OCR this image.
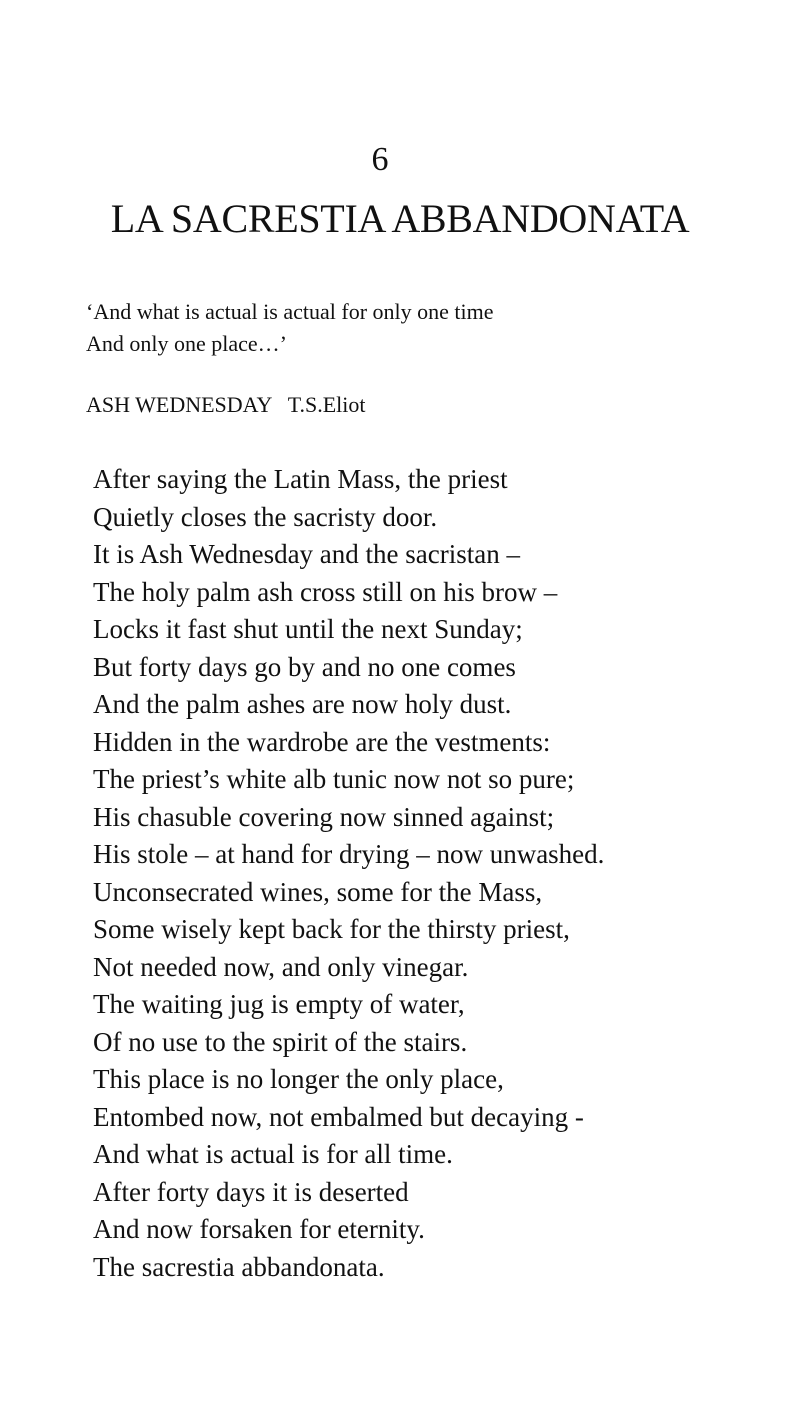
6
LA SACRESTIA ABBANDONATA
‘And what is actual is actual for only one time
And only one place…’
ASH WEDNESDAY   T.S.Eliot
After saying the Latin Mass, the priest
Quietly closes the sacristy door.
It is Ash Wednesday and the sacristan –
The holy palm ash cross still on his brow –
Locks it fast shut until the next Sunday;
But forty days go by and no one comes
And the palm ashes are now holy dust.
Hidden in the wardrobe are the vestments:
The priest’s white alb tunic now not so pure;
His chasuble covering now sinned against;
His stole – at hand for drying – now unwashed.
Unconsecrated wines, some for the Mass,
Some wisely kept back for the thirsty priest,
Not needed now, and only vinegar.
The waiting jug is empty of water,
Of no use to the spirit of the stairs.
This place is no longer the only place,
Entombed now, not embalmed but decaying -
And what is actual is for all time.
After forty days it is deserted
And now forsaken for eternity.
The sacrestia abbandonata.
